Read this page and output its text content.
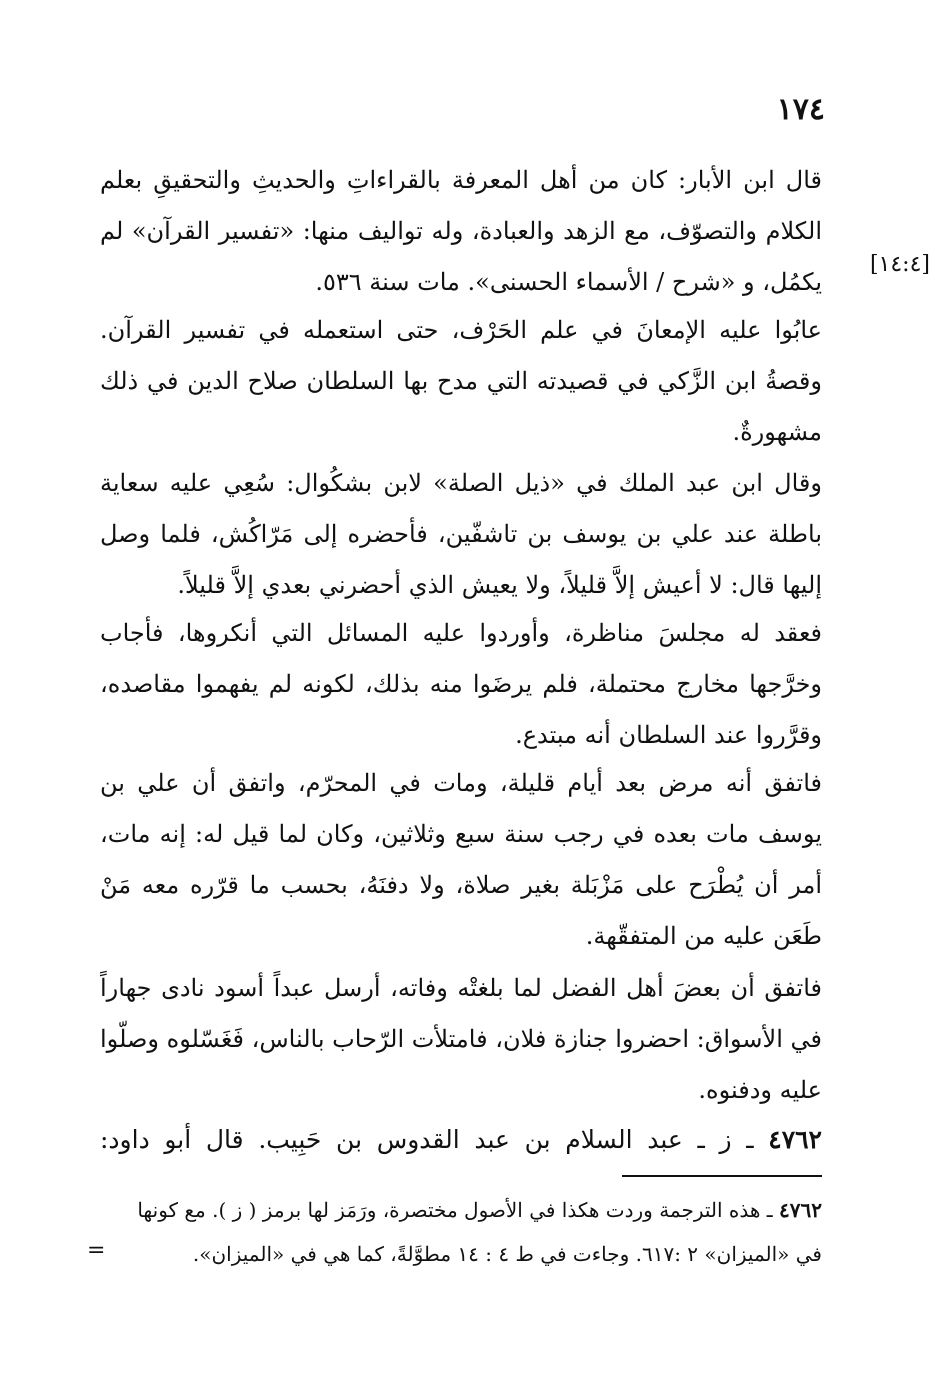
١٧٤

قال ابن الأبار: كان من أهل المعرفة بالقراءاتِ والحديثِ والتحقيقِ بعلم الكلام والتصوّف، مع الزهد والعبادة، وله تواليف منها: «تفسير القرآن» لم يكمُل، و «شرح / الأسماء الحسنى». مات سنة ٥٣٦.

[١٤:٤]

عابُوا عليه الإمعانَ في علم الحَرْف، حتى استعمله في تفسير القرآن. وقصةُ ابن الزَّكي في قصيدته التي مدح بها السلطان صلاح الدين في ذلك مشهورةٌ.

وقال ابن عبد الملك في «ذيل الصلة» لابن بشكُوال: سُعِي عليه سعاية باطلة عند علي بن يوسف بن تاشفّين، فأحضره إلى مَرّاكُش، فلما وصل إليها قال: لا أعيش إلاَّ قليلاً، ولا يعيش الذي أحضرني بعدي إلاَّ قليلاً.

فعقد له مجلسَ مناظرة، وأوردوا عليه المسائل التي أنكروها، فأجاب وخرَّجها مخارج محتملة، فلم يرضَوا منه بذلك، لكونه لم يفهموا مقاصده، وقرَّروا عند السلطان أنه مبتدع.

فاتفق أنه مرض بعد أيام قليلة، ومات في المحرّم، واتفق أن علي بن يوسف مات بعده في رجب سنة سبع وثلاثين، وكان لما قيل له: إنه مات، أمر أن يُطْرَح على مَزْبَلة بغير صلاة، ولا دفنَهُ، بحسب ما قرّره معه مَنْ طَعَن عليه من المتفقّهة.

فاتفق أن بعضَ أهل الفضل لما بلغتْه وفاته، أرسل عبداً أسود نادى جهاراً في الأسواق: احضروا جنازة فلان، فامتلأت الرّحاب بالناس، فَغَسّلوه وصلّوا عليه ودفنوه.

٤٧٦٢ ـ ز ـ عبد السلام بن عبد القدوس بن حَبِيب. قال أبو داود:

٤٧٦٢ ـ هذه الترجمة وردت هكذا في الأصول مختصرة، ورَمَز لها برمز ( ز ). مع كونها

في «الميزان» ٢ :٦١٧. وجاءت في ط ٤ : ١٤ مطوَّلةً، كما هي في «الميزان».

=
